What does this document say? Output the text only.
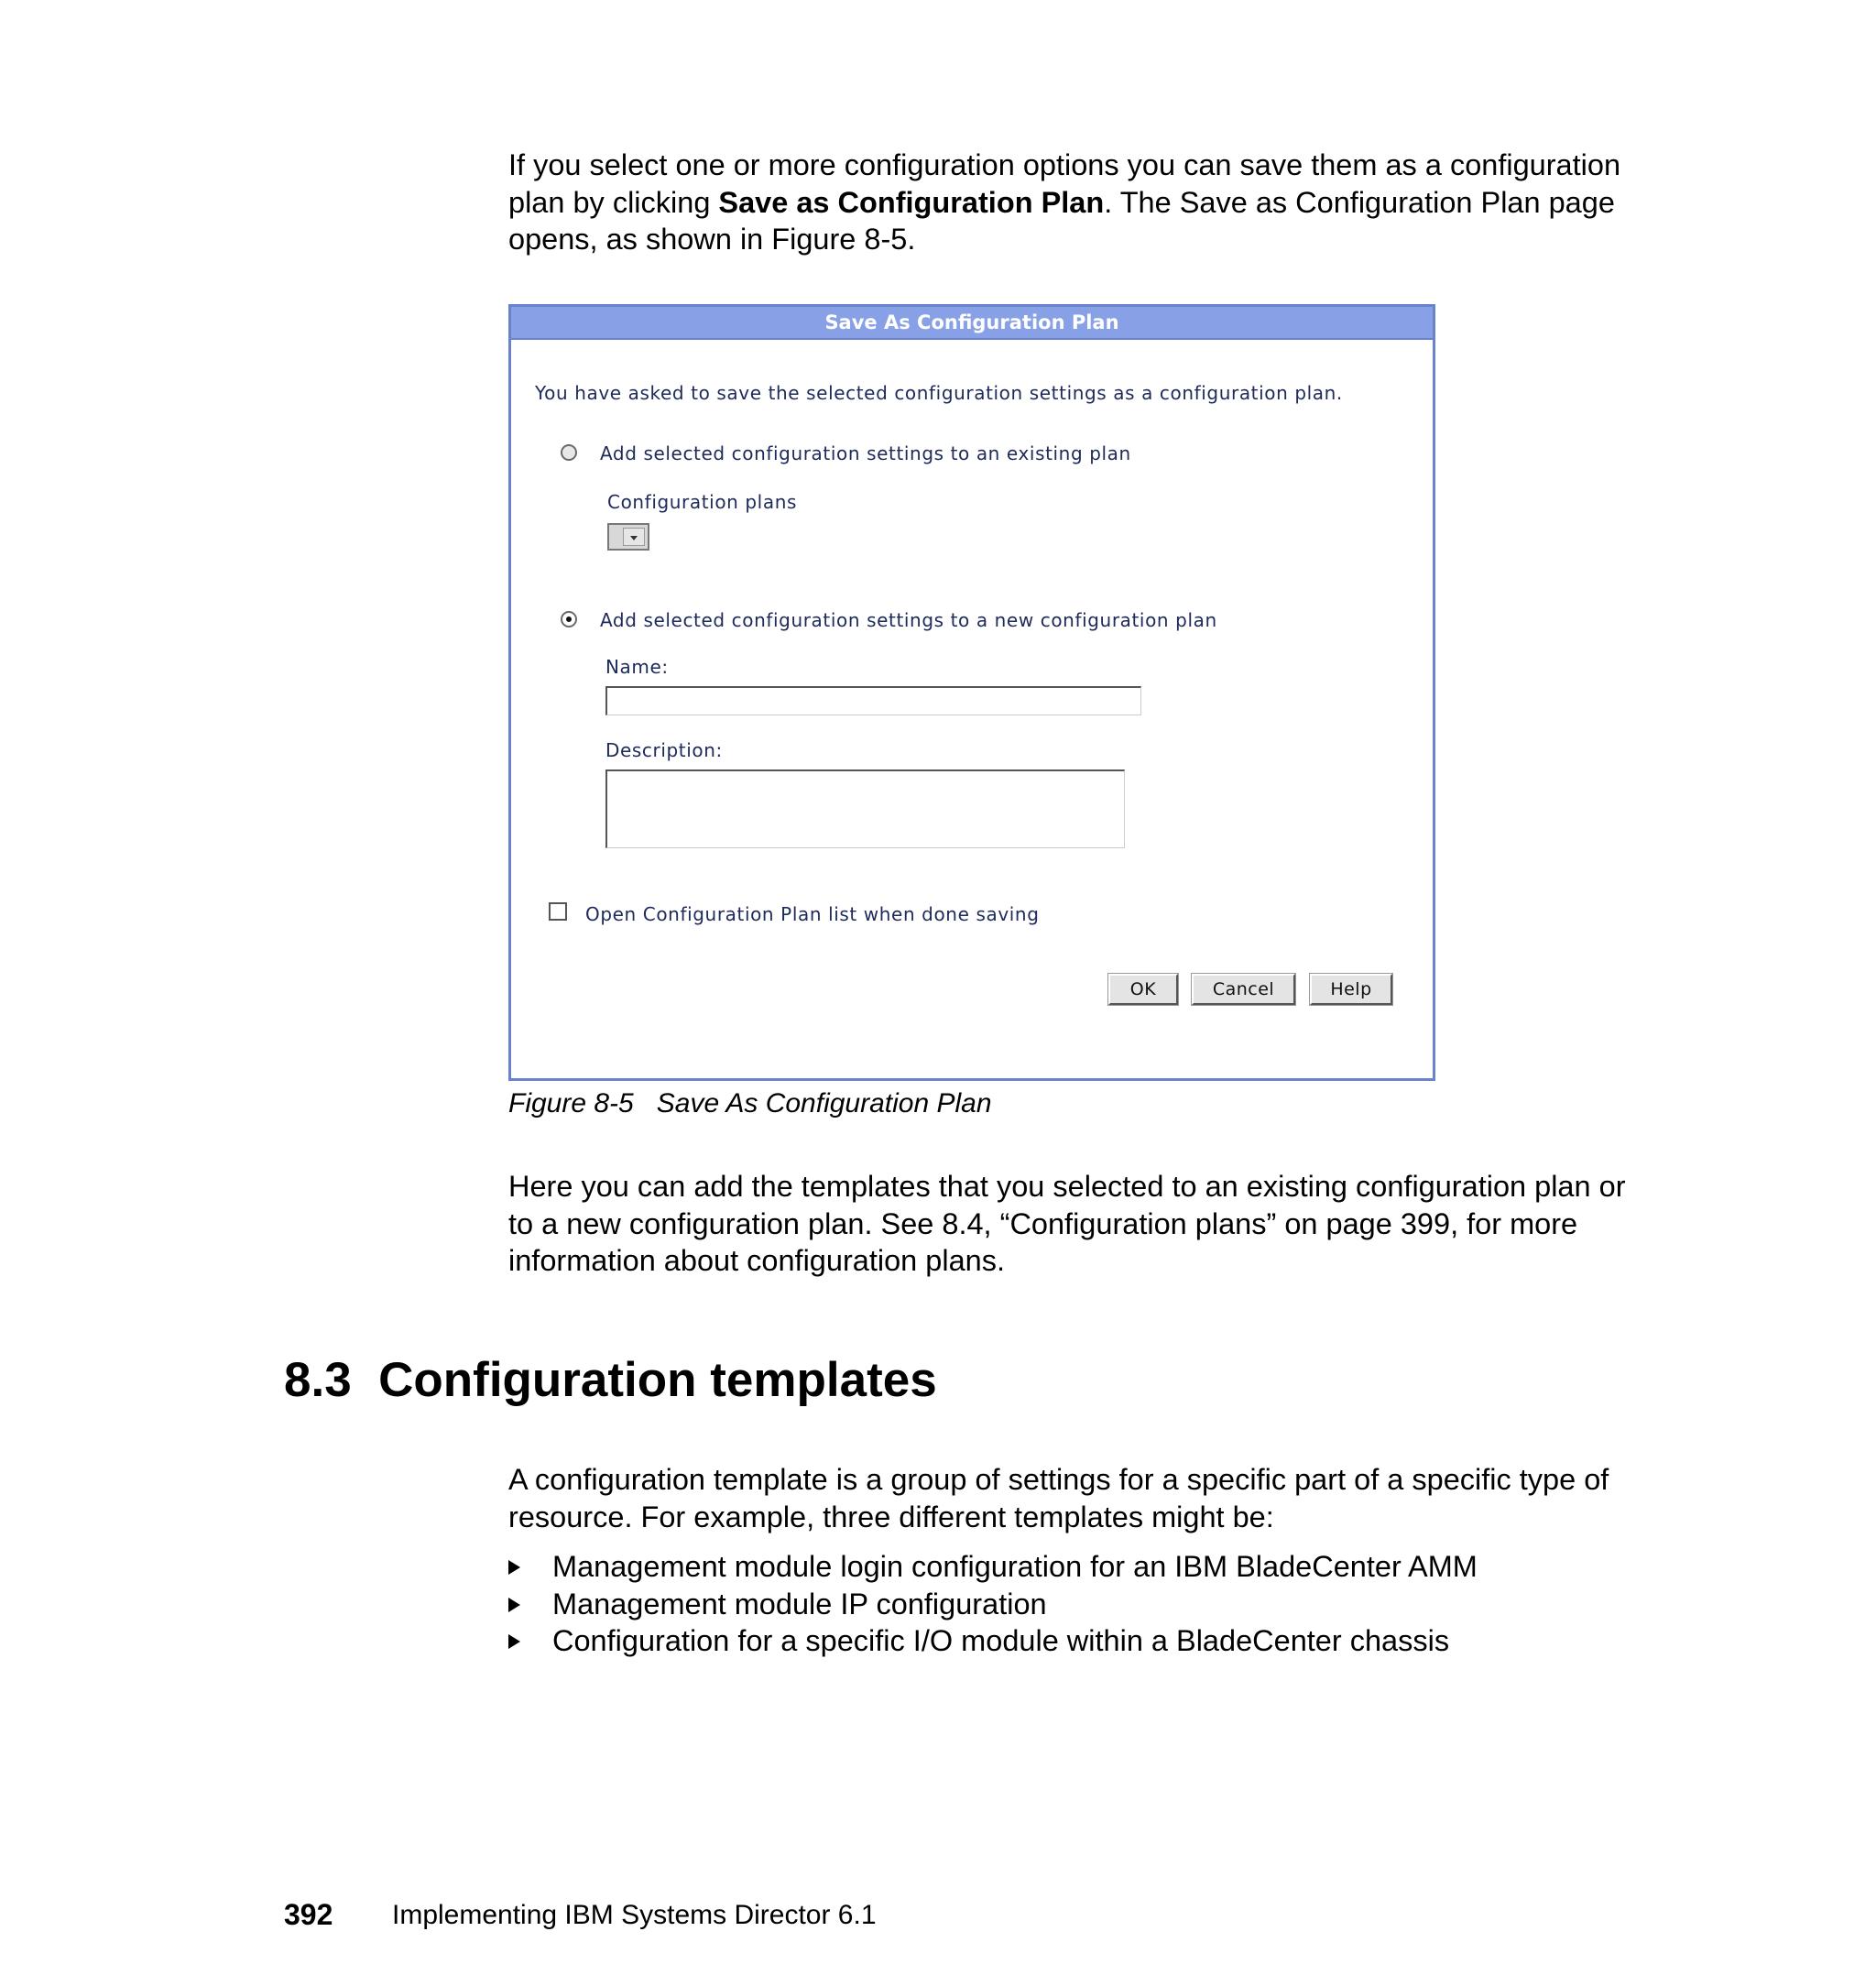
If you select one or more configuration options you can save them as a configuration plan by clicking Save as Configuration Plan. The Save as Configuration Plan page opens, as shown in Figure 8-5.

Save As Configuration Plan
You have asked to save the selected configuration settings as a configuration plan.
Add selected configuration settings to an existing plan
Configuration plans
Add selected configuration settings to a new configuration plan
Name:
Description:
Open Configuration Plan list when done saving
OK	Cancel	Help

Figure 8-5 Save As Configuration Plan

Here you can add the templates that you selected to an existing configuration plan or to a new configuration plan. See 8.4, “Configuration plans” on page 399, for more information about configuration plans.

8.3 Configuration templates

A configuration template is a group of settings for a specific part of a specific type of resource. For example, three different templates might be:

Management module login configuration for an IBM BladeCenter AMM
Management module IP configuration
Configuration for a specific I/O module within a BladeCenter chassis
392 Implementing IBM Systems Director 6.1
